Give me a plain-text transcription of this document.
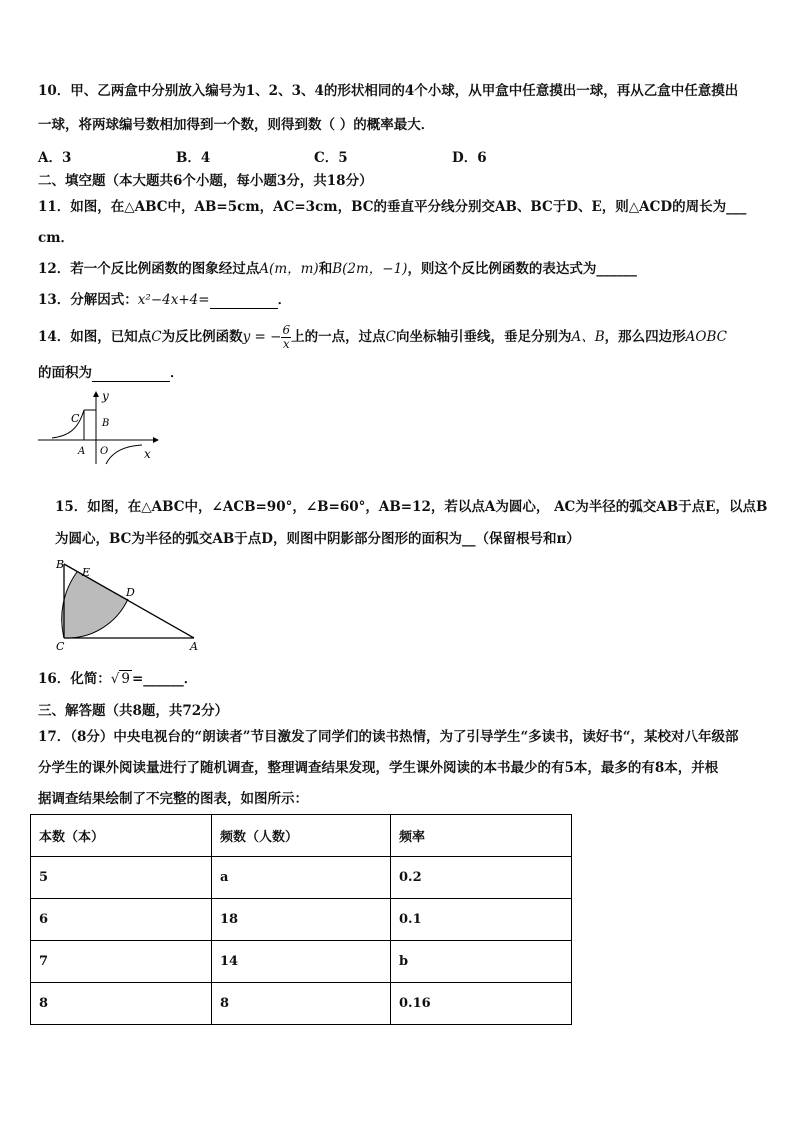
10．甲、乙两盒中分别放入编号为1、2、3、4的形状相同的4个小球，从甲盒中任意摸出一球，再从乙盒中任意摸出
一球，将两球编号数相加得到一个数，则得到数（ ）的概率最大．
A．3	B．4	C．5	D．6
二、填空题（本大题共6个小题，每小题3分，共18分）
11．如图，在△ABC中，AB=5cm，AC=3cm，BC的垂直平分线分别交AB、BC于D、E，则△ACD的周长为___
cm．
12．若一个反比例函数的图象经过点A(m，m)和B(2m，−1)，则这个反比例函数的表达式为______
13．分解因式：x²−4x+4=	．
14．如图，已知点C为反比例函数y = − $\frac{6}{x}$上的一点，过点C向坐标轴引垂线，垂足分别为A、B，那么四边形AOBC
的面积为	．
y
C B
A O	x
15．如图，在△ABC中，∠ACB=90°，∠B=60°，AB=12，若以点A为圆心， AC为半径的弧交AB于点E，以点B
为圆心，BC为半径的弧交AB于点D，则图中阴影部分图形的面积为__（保留根号和π）
B
E
D
C	A
16．化简：√ 9 =______．
三、解答题（共8题，共72分）
17．（8分）中央电视台的“朗读者”节目激发了同学们的读书热情，为了引导学生“多读书，读好书“，某校对八年级部
分学生的课外阅读量进行了随机调查，整理调查结果发现，学生课外阅读的本书最少的有5本，最多的有8本，并根
据调查结果绘制了不完整的图表，如图所示：
本数（本）	频数（人数）	频率
5	a	0.2
6	18	0.1
7	14	b
8	8	0.16
